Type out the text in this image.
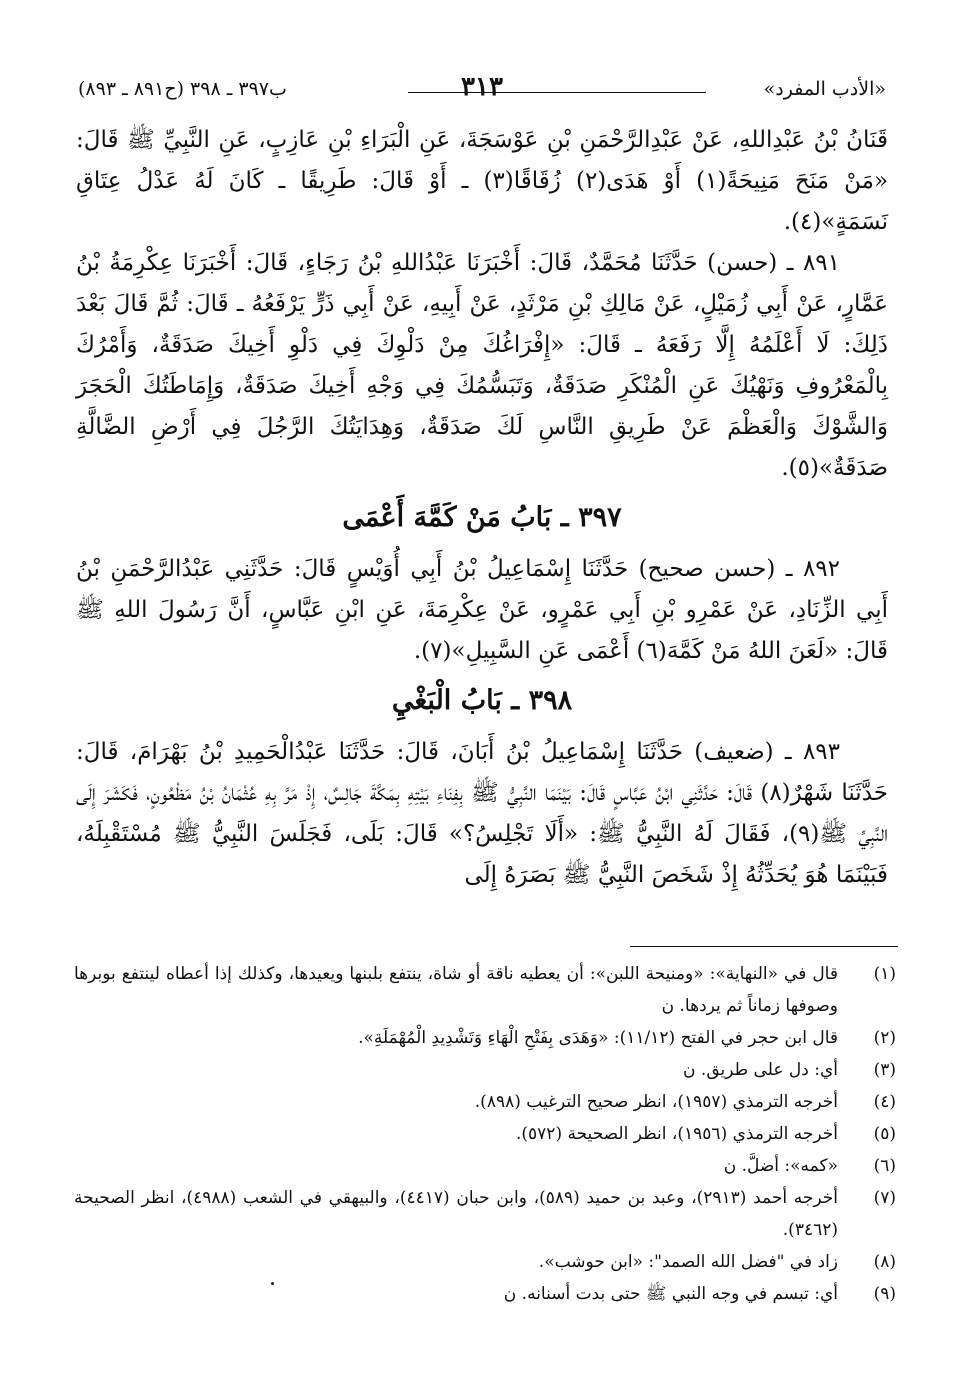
«الأدب المفرد»
٣١٣
ب٣٩٧ ـ ٣٩٨ (ح٨٩١ ـ ٨٩٣)

قَنَانُ بْنُ عَبْدِاللهِ، عَنْ عَبْدِالرَّحْمَنِ بْنِ عَوْسَجَةَ، عَنِ الْبَرَاءِ بْنِ عَازِبٍ، عَنِ النَّبِيِّ ﷺ قَالَ: «مَنْ مَنَحَ مَنِيحَةً(١) أَوْ هَدَى(٢) زُقَاقًا(٣) ـ أَوْ قَالَ: طَرِيقًا ـ كَانَ لَهُ عَدْلُ عِتَاقِ نَسَمَةٍ»(٤).

٨٩١ ـ (حسن) حَدَّثَنَا مُحَمَّدٌ، قَالَ: أَخْبَرَنَا عَبْدُاللهِ بْنُ رَجَاءٍ، قَالَ: أَخْبَرَنَا عِكْرِمَةُ بْنُ عَمَّارٍ، عَنْ أَبِي زُمَيْلٍ، عَنْ مَالِكِ بْنِ مَرْثَدٍ، عَنْ أَبِيهِ، عَنْ أَبِي ذَرٍّ يَرْفَعُهُ ـ قَالَ: ثُمَّ قَالَ بَعْدَ ذَلِكَ: لَا أَعْلَمُهُ إِلَّا رَفَعَهُ ـ قَالَ: «إِفْرَاغُكَ مِنْ دَلْوِكَ فِي دَلْوِ أَخِيكَ صَدَقَةٌ، وَأَمْرُكَ بِالْمَعْرُوفِ وَنَهْيُكَ عَنِ الْمُنْكَرِ صَدَقَةٌ، وَتَبَسُّمُكَ فِي وَجْهِ أَخِيكَ صَدَقَةٌ، وَإِمَاطَتُكَ الْحَجَرَ وَالشَّوْكَ وَالْعَظْمَ عَنْ طَرِيقِ النَّاسِ لَكَ صَدَقَةٌ، وَهِدَايَتُكَ الرَّجُلَ فِي أَرْضِ الضَّالَّةِ صَدَقَةٌ»(٥).

٣٩٧ ـ بَابُ مَنْ كَمَّهَ أَعْمَى

٨٩٢ ـ (حسن صحيح) حَدَّثَنَا إِسْمَاعِيلُ بْنُ أَبِي أُوَيْسٍ قَالَ: حَدَّثَنِي عَبْدُالرَّحْمَنِ بْنُ أَبِي الزِّنَادِ، عَنْ عَمْرِو بْنِ أَبِي عَمْرٍو، عَنْ عِكْرِمَةَ، عَنِ ابْنِ عَبَّاسٍ، أَنَّ رَسُولَ اللهِ ﷺ قَالَ: «لَعَنَ اللهُ مَنْ كَمَّهَ(٦) أَعْمَى عَنِ السَّبِيلِ»(٧).

٣٩٨ ـ بَابُ الْبَغْيِ

٨٩٣ ـ (ضعيف) حَدَّثَنَا إِسْمَاعِيلُ بْنُ أَبَانَ، قَالَ: حَدَّثَنَا عَبْدُالْحَمِيدِ بْنُ بَهْرَامَ، قَالَ: حَدَّثَنَا شَهْرٌ(٨) قَالَ: حَدَّثَنِي ابْنُ عَبَّاسٍ قَالَ: بَيْنَمَا النَّبِيُّ ﷺ بِفِنَاءِ بَيْتِهِ بِمَكَّةَ جَالِسٌ، إِذْ مَرَّ بِهِ عُثْمَانُ بْنُ مَظْعُونٍ، فَكَشَرَ إِلَى النَّبِيِّ ﷺ(٩)، فَقَالَ لَهُ النَّبِيُّ ﷺ: «أَلَا تَجْلِسُ؟» قَالَ: بَلَى، فَجَلَسَ النَّبِيُّ ﷺ مُسْتَقْبِلَهُ، فَبَيْنَمَا هُوَ يُحَدِّثُهُ إِذْ شَخَصَ النَّبِيُّ ﷺ بَصَرَهُ إِلَى

(١)
قال في «النهاية»: «ومنيحة اللبن»: أن يعطيه ناقة أو شاة، ينتفع بلبنها ويعيدها، وكذلك إذا أعطاه لينتفع بوبرها وصوفها زماناً ثم يردها. ن
(٢)
قال ابن حجر في الفتح (١١/١٢): «وَهَدَى بِفَتْحِ الْهَاءِ وَتَشْدِيدِ الْمُهْمَلَةِ».
(٣)
أي: دل على طريق. ن
(٤)
أخرجه الترمذي (١٩٥٧)، انظر صحيح الترغيب (٨٩٨).
(٥)
أخرجه الترمذي (١٩٥٦)، انظر الصحيحة (٥٧٢).
(٦)
«كمه»: أضلَّ. ن
(٧)
أخرجه أحمد (٢٩١٣)، وعبد بن حميد (٥٨٩)، وابن حبان (٤٤١٧)، والبيهقي في الشعب (٤٩٨٨)، انظر الصحيحة (٣٤٦٢).
(٨)
زاد في "فضل الله الصمد": «ابن حوشب».
(٩)
أي: تبسم في وجه النبي ﷺ حتى بدت أسنانه. ن
